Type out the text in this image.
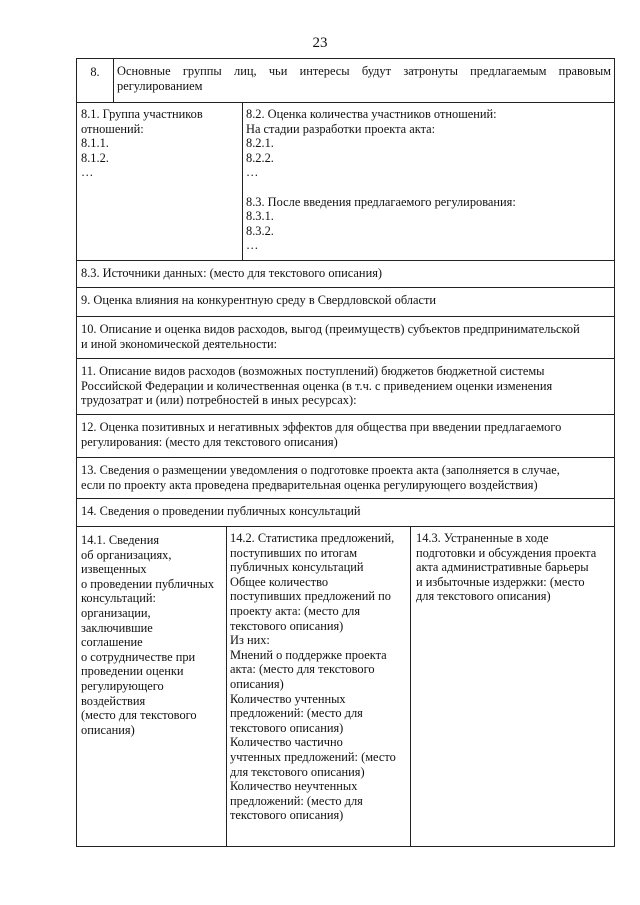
23
8.	Основные группы лиц, чьи интересы будут затронуты предлагаемым правовым
регулированием
8.1. Группа участников
отношений:
8.1.1.
8.1.2.
…
8.2. Оценка количества участников отношений:
На стадии разработки проекта акта:
8.2.1.
8.2.2.
…
8.3. После введения предлагаемого регулирования:
8.3.1.
8.3.2.
…
8.3. Источники данных: (место для текстового описания)
9. Оценка влияния на конкурентную среду в Свердловской области
10. Описание и оценка видов расходов, выгод (преимуществ) субъектов предпринимательской
и иной экономической деятельности:
11. Описание видов расходов (возможных поступлений) бюджетов бюджетной системы
Российской Федерации и количественная оценка (в т.ч. с приведением оценки изменения
трудозатрат и (или) потребностей в иных ресурсах):
12. Оценка позитивных и негативных эффектов для общества при введении предлагаемого
регулирования: (место для текстового описания)
13. Сведения о размещении уведомления о подготовке проекта акта (заполняется в случае,
если по проекту акта проведена предварительная оценка регулирующего воздействия)
14. Сведения о проведении публичных консультаций
14.1. Сведения
об организациях,
извещенных
о проведении публичных
консультаций:
организации,
заключившие
соглашение
о сотрудничестве при
проведении оценки
регулирующего
воздействия
(место для текстового
описания)
14.2. Статистика предложений,
поступивших по итогам
публичных консультаций
Общее количество
поступивших предложений по
проекту акта: (место для
текстового описания)
Из них:
Мнений о поддержке проекта
акта: (место для текстового
описания)
Количество учтенных
предложений: (место для
текстового описания)
Количество частично
учтенных предложений: (место
для текстового описания)
Количество неучтенных
предложений: (место для
текстового описания)
14.3. Устраненные в ходе
подготовки и обсуждения проекта
акта административные барьеры
и избыточные издержки: (место
для текстового описания)
